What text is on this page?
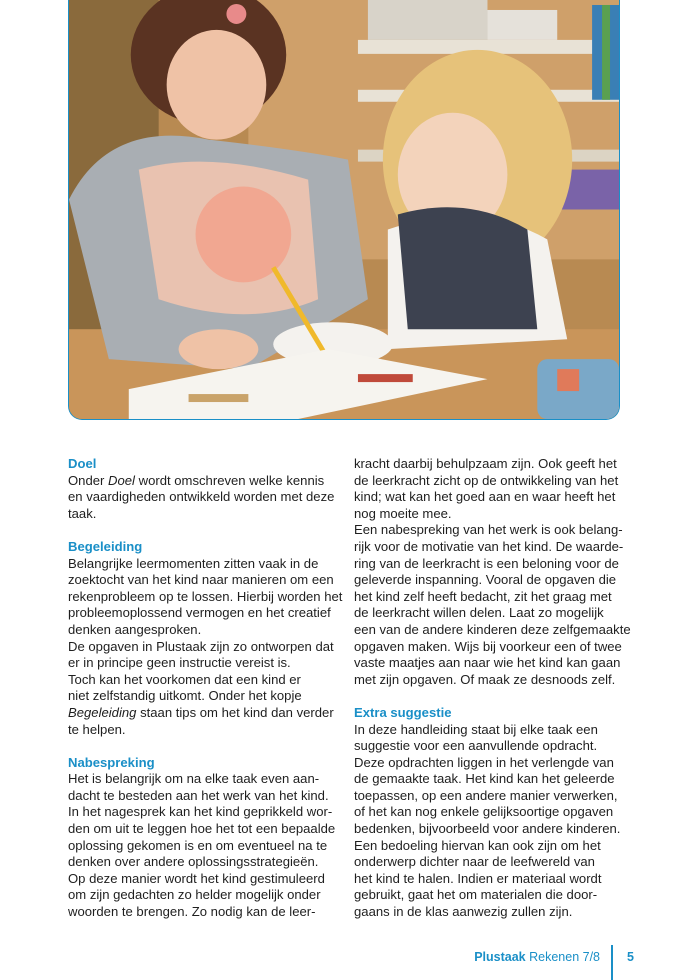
Doel

Onder Doel wordt omschreven welke kennis
en vaardigheden ontwikkeld worden met deze
taak.

Begeleiding

Belangrijke leermomenten zitten vaak in de
zoektocht van het kind naar manieren om een
rekenprobleem op te lossen. Hierbij worden het
probleemoplossend vermogen en het creatief
denken aangesproken.

De opgaven in Plustaak zijn zo ontworpen dat
er in principe geen instructie vereist is.

Toch kan het voorkomen dat een kind er
niet zelfstandig uitkomt. Onder het kopje
Begeleiding staan tips om het kind dan verder
te helpen.

Nabespreking

Het is belangrijk om na elke taak even aan-
dacht te besteden aan het werk van het kind.
In het nagesprek kan het kind geprikkeld wor-
den om uit te leggen hoe het tot een bepaalde
oplossing gekomen is en om eventueel na te
denken over andere oplossingsstrategieën.

Op deze manier wordt het kind gestimuleerd
om zijn gedachten zo helder mogelijk onder
woorden te brengen. Zo nodig kan de leer-

kracht daarbij behulpzaam zijn. Ook geeft het
de leerkracht zicht op de ontwikkeling van het
kind; wat kan het goed aan en waar heeft het
nog moeite mee.

Een nabespreking van het werk is ook belang-
rijk voor de motivatie van het kind. De waarde-
ring van de leerkracht is een beloning voor de
geleverde inspanning. Vooral de opgaven die
het kind zelf heeft bedacht, zit het graag met
de leerkracht willen delen. Laat zo mogelijk
een van de andere kinderen deze zelfgemaakte
opgaven maken. Wijs bij voorkeur een of twee
vaste maatjes aan naar wie het kind kan gaan
met zijn opgaven. Of maak ze desnoods zelf.

Extra suggestie

In deze handleiding staat bij elke taak een
suggestie voor een aanvullende opdracht.
Deze opdrachten liggen in het verlengde van
de gemaakte taak. Het kind kan het geleerde
toepassen, op een andere manier verwerken,
of het kan nog enkele gelijksoortige opgaven
bedenken, bijvoorbeeld voor andere kinderen.
Een bedoeling hiervan kan ook zijn om het
onderwerp dichter naar de leefwereld van
het kind te halen. Indien er materiaal wordt
gebruikt, gaat het om materialen die door-
gaans in de klas aanwezig zullen zijn.

Plustaak Rekenen 7/8 5
